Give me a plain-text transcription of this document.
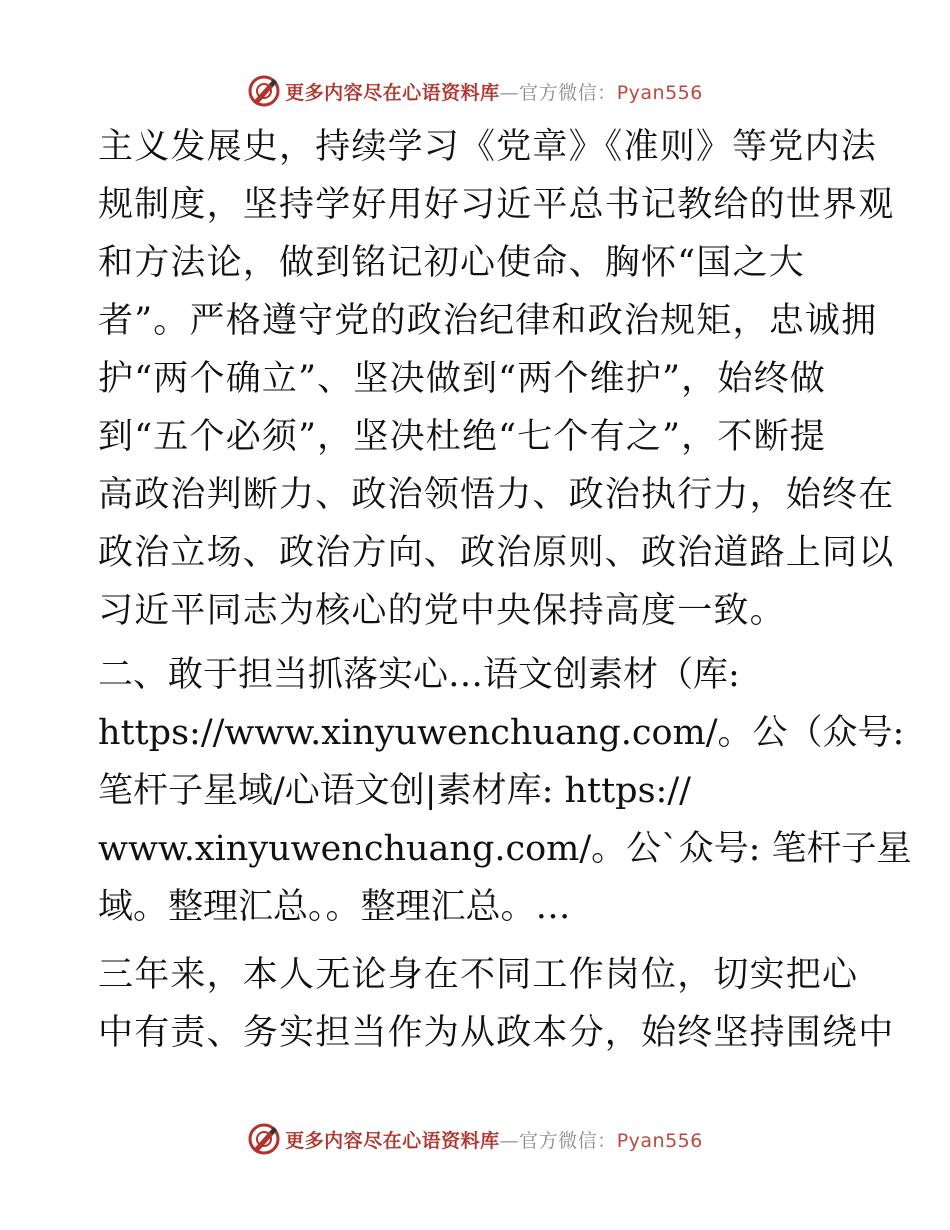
更多内容尽在心语资料库—官方微信：Pyan556
主义发展史，持续学习《党章》《准则》等党内法
规制度，坚持学好用好习近平总书记教给的世界观
和方法论，做到铭记初心使命、胸怀“国之大
者”。严格遵守党的政治纪律和政治规矩，忠诚拥
护“两个确立”、坚决做到“两个维护”，始终做
到“五个必须”，坚决杜绝“七个有之”，不断提
高政治判断力、政治领悟力、政治执行力，始终在
政治立场、政治方向、政治原则、政治道路上同以
习近平同志为核心的党中央保持高度一致。
二、敢于担当抓落实心…语文创素材（库:
https://www.xinyuwenchuang.com/。公（众号:
笔杆子星域/心语文创|素材库: https://
www.xinyuwenchuang.com/。公`众号: 笔杆子星
域。整理汇总。。整理汇总。…
三年来，本人无论身在不同工作岗位，切实把心
中有责、务实担当作为从政本分，始终坚持围绕中
更多内容尽在心语资料库—官方微信：Pyan556
